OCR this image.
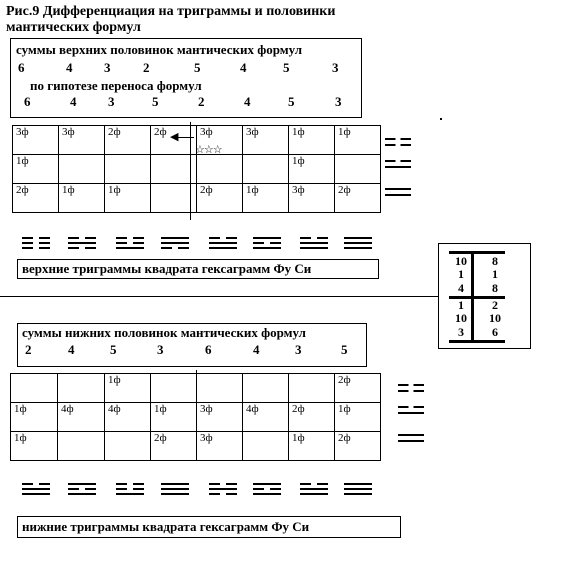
Рис.9 Дифференциация на триграммы и половинки
мантических формул
суммы верхних половинок мантических формул
6	4 3	2	5	4	5	3
по гипотезе переноса формул
6	4 3	5	2	4	5	3
3ф	3ф	2ф	2ф	3ф	3ф	1ф	1ф
1ф						1ф	
2ф	1ф	1ф		2ф	1ф	3ф	2ф
◀
☆☆☆
верхние триграммы квадрата гексаграмм Фу Си	10	8
1	1
4	8
1	2
10	10
3	6
суммы нижних половинок мантических формул
2	4	5	3	6	4	3	5
		1ф					2ф
1ф	4ф	4ф	1ф	3ф	4ф	2ф	1ф
1ф			2ф	3ф		1ф	2ф
нижние триграммы квадрата гексаграмм Фу Си
